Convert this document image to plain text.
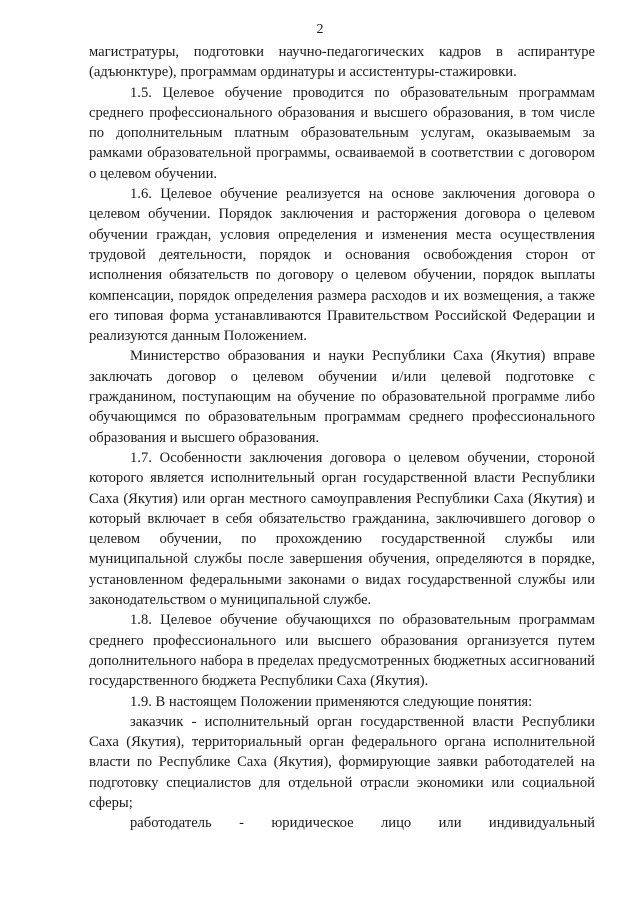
2

магистратуры, подготовки научно-педагогических кадров в аспирантуре (адъюнктуре), программам ординатуры и ассистентуры-стажировки.

1.5. Целевое обучение проводится по образовательным программам среднего профессионального образования и высшего образования, в том числе по дополнительным платным образовательным услугам, оказываемым за рамками образовательной программы, осваиваемой в соответствии с договором о целевом обучении.

1.6. Целевое обучение реализуется на основе заключения договора о целевом обучении. Порядок заключения и расторжения договора о целевом обучении граждан, условия определения и изменения места осуществления трудовой деятельности, порядок и основания освобождения сторон от исполнения обязательств по договору о целевом обучении, порядок выплаты компенсации, порядок определения размера расходов и их возмещения, а также его типовая форма устанавливаются Правительством Российской Федерации и реализуются данным Положением.

Министерство образования и науки Республики Саха (Якутия) вправе заключать договор о целевом обучении и/или целевой подготовке с гражданином, поступающим на обучение по образовательной программе либо обучающимся по образовательным программам среднего профессионального образования и высшего образования.

1.7. Особенности заключения договора о целевом обучении, стороной которого является исполнительный орган государственной власти Республики Саха (Якутия) или орган местного самоуправления Республики Саха (Якутия) и который включает в себя обязательство гражданина, заключившего договор о целевом обучении, по прохождению государственной службы или муниципальной службы после завершения обучения, определяются в порядке, установленном федеральными законами о видах государственной службы или законодательством о муниципальной службе.

1.8. Целевое обучение обучающихся по образовательным программам среднего профессионального или высшего образования организуется путем дополнительного набора в пределах предусмотренных бюджетных ассигнований государственного бюджета Республики Саха (Якутия).

1.9. В настоящем Положении применяются следующие понятия:

заказчик - исполнительный орган государственной власти Республики Саха (Якутия), территориальный орган федерального органа исполнительной власти по Республике Саха (Якутия), формирующие заявки работодателей на подготовку специалистов для отдельной отрасли экономики или социальной сферы;

работодатель - юридическое лицо или индивидуальный
